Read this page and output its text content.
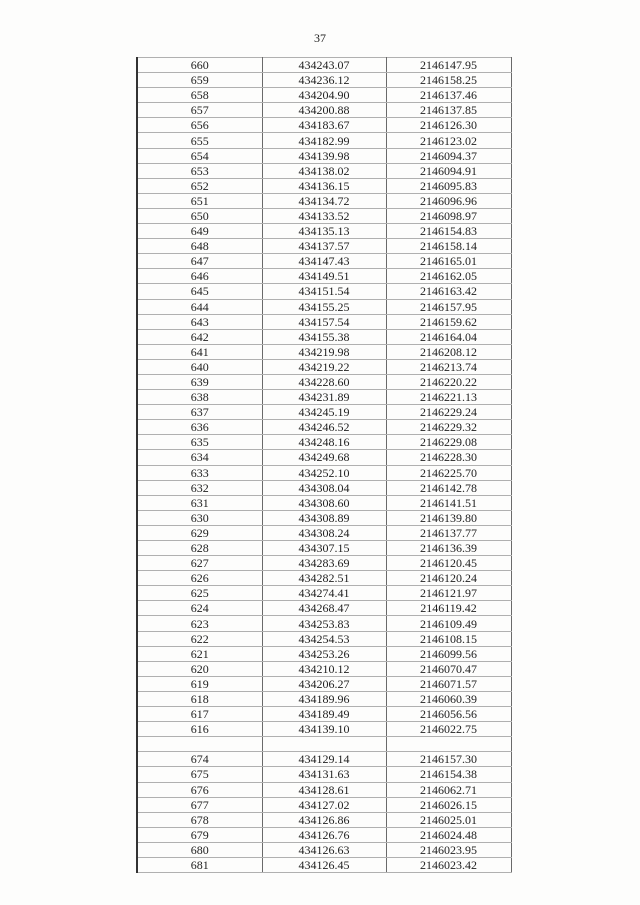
37
660	434243.07	2146147.95
659	434236.12	2146158.25
658	434204.90	2146137.46
657	434200.88	2146137.85
656	434183.67	2146126.30
655	434182.99	2146123.02
654	434139.98	2146094.37
653	434138.02	2146094.91
652	434136.15	2146095.83
651	434134.72	2146096.96
650	434133.52	2146098.97
649	434135.13	2146154.83
648	434137.57	2146158.14
647	434147.43	2146165.01
646	434149.51	2146162.05
645	434151.54	2146163.42
644	434155.25	2146157.95
643	434157.54	2146159.62
642	434155.38	2146164.04
641	434219.98	2146208.12
640	434219.22	2146213.74
639	434228.60	2146220.22
638	434231.89	2146221.13
637	434245.19	2146229.24
636	434246.52	2146229.32
635	434248.16	2146229.08
634	434249.68	2146228.30
633	434252.10	2146225.70
632	434308.04	2146142.78
631	434308.60	2146141.51
630	434308.89	2146139.80
629	434308.24	2146137.77
628	434307.15	2146136.39
627	434283.69	2146120.45
626	434282.51	2146120.24
625	434274.41	2146121.97
624	434268.47	2146119.42
623	434253.83	2146109.49
622	434254.53	2146108.15
621	434253.26	2146099.56
620	434210.12	2146070.47
619	434206.27	2146071.57
618	434189.96	2146060.39
617	434189.49	2146056.56
616	434139.10	2146022.75

674	434129.14	2146157.30
675	434131.63	2146154.38
676	434128.61	2146062.71
677	434127.02	2146026.15
678	434126.86	2146025.01
679	434126.76	2146024.48
680	434126.63	2146023.95
681	434126.45	2146023.42
